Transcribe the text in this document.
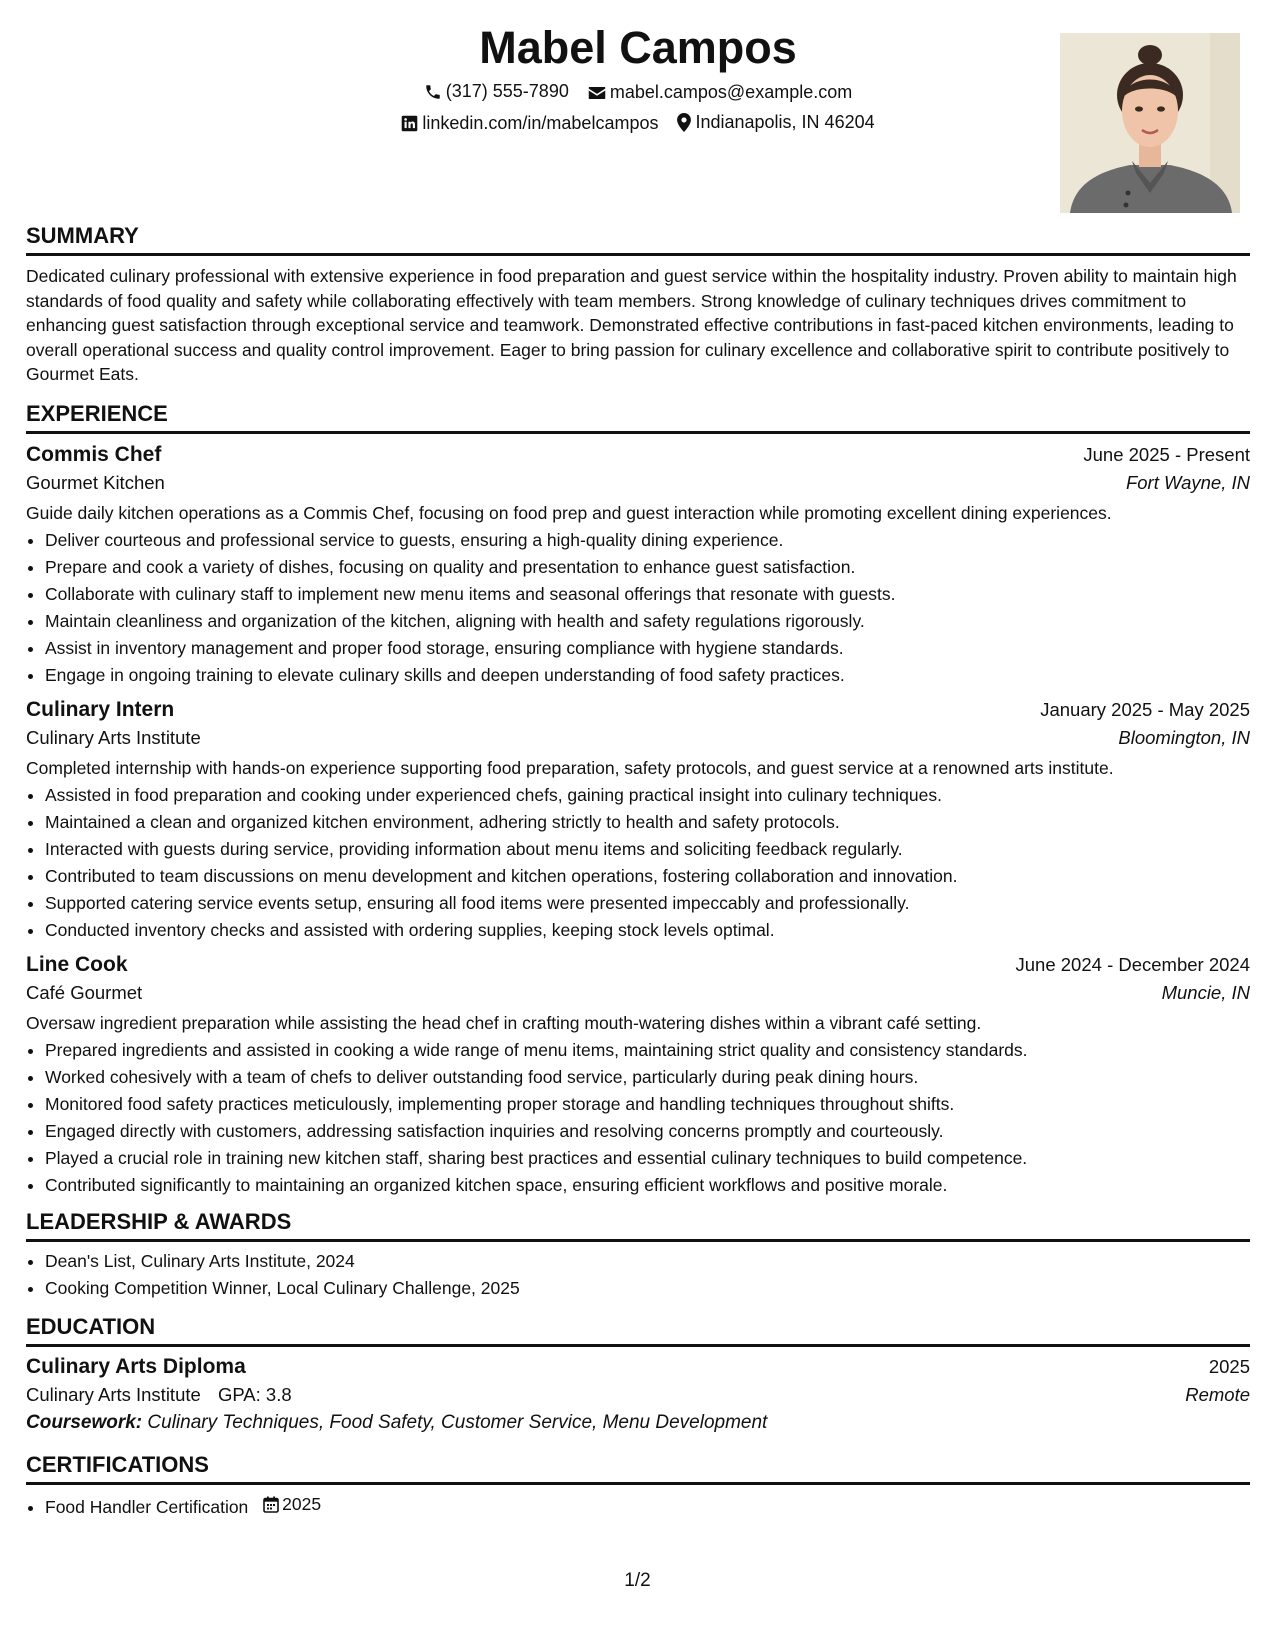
Mabel Campos
(317) 555-7890
mabel.campos@example.com
linkedin.com/in/mabelcampos
Indianapolis, IN 46204
SUMMARY
Dedicated culinary professional with extensive experience in food preparation and guest service within the hospitality industry. Proven ability to maintain high standards of food quality and safety while collaborating effectively with team members. Strong knowledge of culinary techniques drives commitment to enhancing guest satisfaction through exceptional service and teamwork. Demonstrated effective contributions in fast-paced kitchen environments, leading to overall operational success and quality control improvement. Eager to bring passion for culinary excellence and collaborative spirit to contribute positively to Gourmet Eats.
EXPERIENCE
Commis Chef	June 2025 - Present
Gourmet Kitchen	Fort Wayne, IN
Guide daily kitchen operations as a Commis Chef, focusing on food prep and guest interaction while promoting excellent dining experiences.
• Deliver courteous and professional service to guests, ensuring a high-quality dining experience.
• Prepare and cook a variety of dishes, focusing on quality and presentation to enhance guest satisfaction.
• Collaborate with culinary staff to implement new menu items and seasonal offerings that resonate with guests.
• Maintain cleanliness and organization of the kitchen, aligning with health and safety regulations rigorously.
• Assist in inventory management and proper food storage, ensuring compliance with hygiene standards.
• Engage in ongoing training to elevate culinary skills and deepen understanding of food safety practices.
Culinary Intern	January 2025 - May 2025
Culinary Arts Institute	Bloomington, IN
Completed internship with hands-on experience supporting food preparation, safety protocols, and guest service at a renowned arts institute.
• Assisted in food preparation and cooking under experienced chefs, gaining practical insight into culinary techniques.
• Maintained a clean and organized kitchen environment, adhering strictly to health and safety protocols.
• Interacted with guests during service, providing information about menu items and soliciting feedback regularly.
• Contributed to team discussions on menu development and kitchen operations, fostering collaboration and innovation.
• Supported catering service events setup, ensuring all food items were presented impeccably and professionally.
• Conducted inventory checks and assisted with ordering supplies, keeping stock levels optimal.
Line Cook	June 2024 - December 2024
Café Gourmet	Muncie, IN
Oversaw ingredient preparation while assisting the head chef in crafting mouth-watering dishes within a vibrant café setting.
• Prepared ingredients and assisted in cooking a wide range of menu items, maintaining strict quality and consistency standards.
• Worked cohesively with a team of chefs to deliver outstanding food service, particularly during peak dining hours.
• Monitored food safety practices meticulously, implementing proper storage and handling techniques throughout shifts.
• Engaged directly with customers, addressing satisfaction inquiries and resolving concerns promptly and courteously.
• Played a crucial role in training new kitchen staff, sharing best practices and essential culinary techniques to build competence.
• Contributed significantly to maintaining an organized kitchen space, ensuring efficient workflows and positive morale.
LEADERSHIP & AWARDS
• Dean's List, Culinary Arts Institute, 2024
• Cooking Competition Winner, Local Culinary Challenge, 2025
EDUCATION
Culinary Arts Diploma	2025
Culinary Arts Institute GPA: 3.8	Remote
Coursework: Culinary Techniques, Food Safety, Customer Service, Menu Development
CERTIFICATIONS
• Food Handler Certification 2025
1/2
